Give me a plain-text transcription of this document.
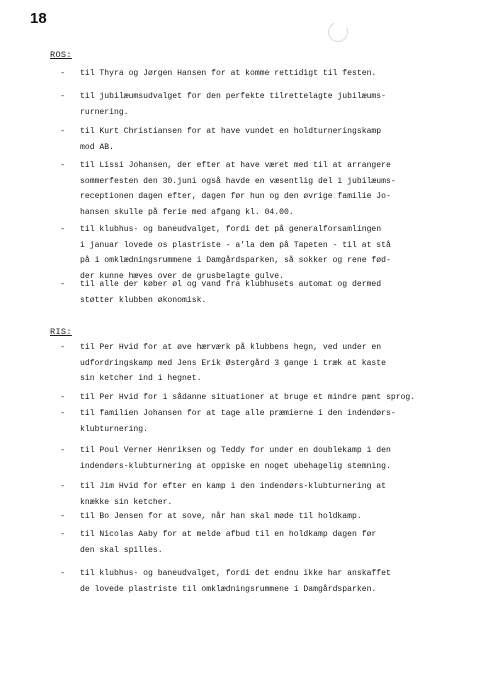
18
ROS:
- til Thyra og Jørgen Hansen for at komme rettidigt til festen.
- til jubilæumsudvalget for den perfekte tilrettelagte jubilæums-
rurnering.
- til Kurt Christiansen for at have vundet en holdturneringskamp
mod AB.
- til Lissi Johansen, der efter at have været med til at arrangere
sommerfesten den 30.juni også havde en væsentlig del i jubilæums-
receptionen dagen efter, dagen før hun og den øvrige familie Jo-
hansen skulle på ferie med afgang kl. 04.00.
- til klubhus- og baneudvalget, fordi det på generalforsamlingen
i januar lovede os plastriste - a'la dem på Tapeten - til at stå
på i omklædningsrummene i Damgårdsparken, så sokker og rene fød-
der kunne hæves over de grusbelagte gulve.
- til alle der køber øl og vand fra klubhusets automat og dermed
støtter klubben økonomisk.
RIS:
- til Per Hvid for at øve hærværk på klubbens hegn, ved under en
udfordringskamp med Jens Erik Østergård 3 gange i træk at kaste
sin ketcher ind i hegnet.
- til Per Hvid for i sådanne situationer at bruge et mindre pænt sprog.
- til familien Johansen for at tage alle præmierne i den indendørs-
klubturnering.
- til Poul Verner Henriksen og Teddy for under en doublekamp i den
indendørs-klubturnering at oppiske en noget ubehagelig stemning.
- til Jim Hvid for efter en kamp i den indendørs-klubturnering at
knække sin ketcher.
- til Bo Jensen for at sove, når han skal møde til holdkamp.
- til Nicolas Aaby for at melde afbud til en holdkamp dagen før
den skal spilles.
- til klubhus- og baneudvalget, fordi det endnu ikke har anskaffet
de lovede plastriste til omklædningsrummene i Damgårdsparken.
